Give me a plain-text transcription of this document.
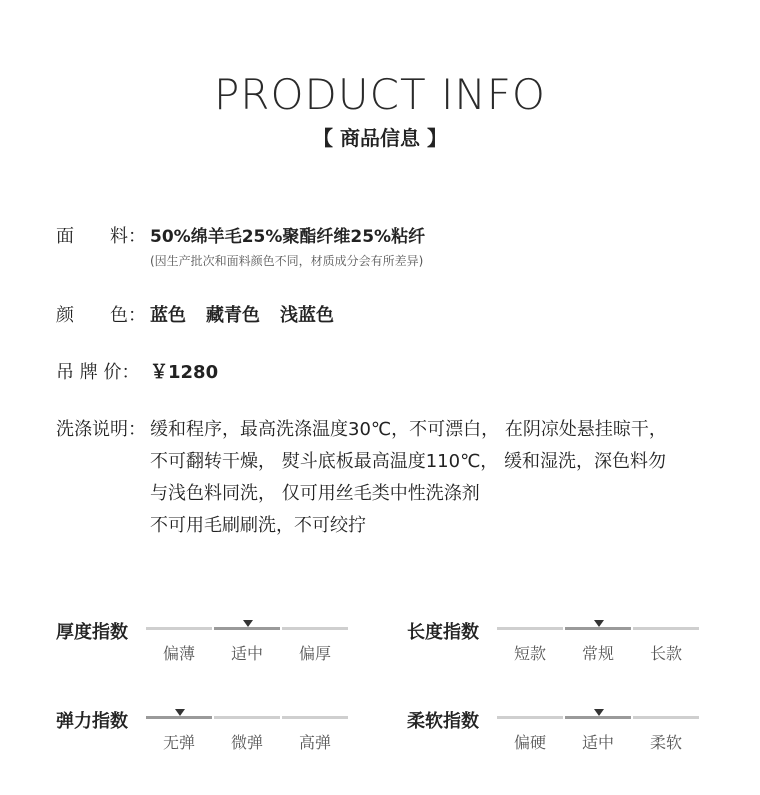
PRODUCT INFO
【 商品信息 】
面　　料： 50%绵羊毛25%聚酯纤维25%粘纤
(因生产批次和面料颜色不同，材质成分会有所差异)
颜　　色： 蓝色 藏青色 浅蓝色
吊 牌 价： ￥1280
洗涤说明： 缓和程序，最高洗涤温度30℃，不可漂白， 在阴凉处悬挂晾干，
不可翻转干燥， 熨斗底板最高温度110℃， 缓和湿洗，深色料勿
与浅色料同洗， 仅可用丝毛类中性洗涤剂
不可用毛刷刷洗，不可绞拧
厚度指数
偏薄	适中	偏厚
长度指数
短款	常规	长款
弹力指数
无弹	微弹	高弹
柔软指数
偏硬	适中	柔软
